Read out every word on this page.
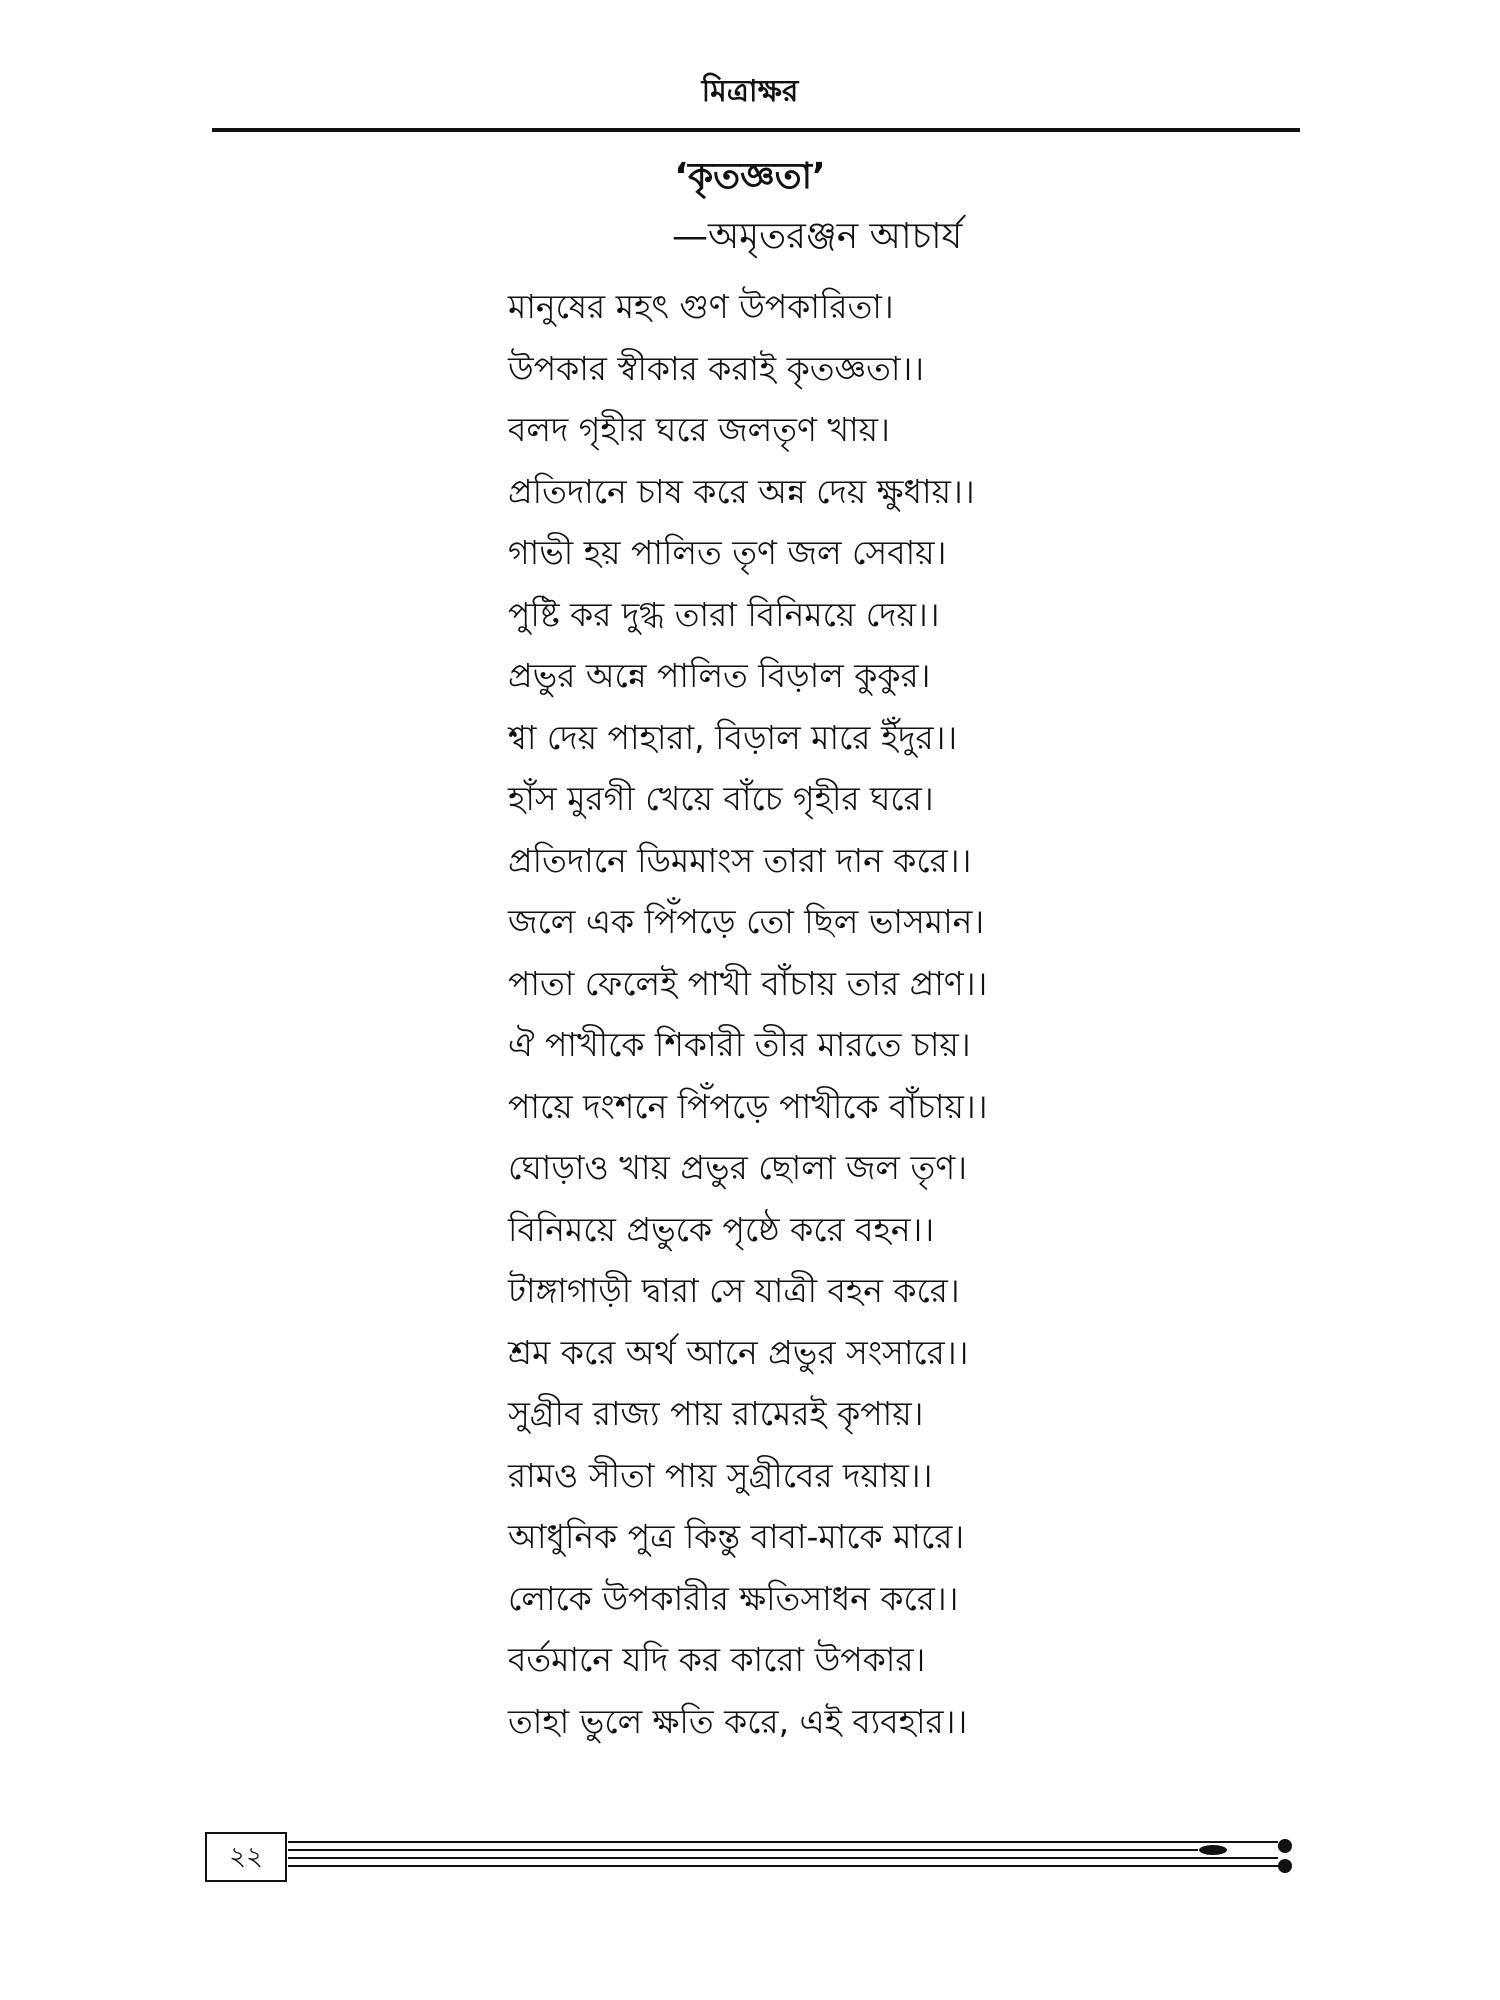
মিত্রাক্ষর
‘কৃতজ্ঞতা’
—অমৃতরঞ্জন আচার্য
মানুষের মহৎ গুণ উপকারিতা।
উপকার স্বীকার করাই কৃতজ্ঞতা।।
বলদ গৃহীর ঘরে জলতৃণ খায়।
প্রতিদানে চাষ করে অন্ন দেয় ক্ষুধায়।।
গাভী হয় পালিত তৃণ জল সেবায়।
পুষ্টি কর দুগ্ধ তারা বিনিময়ে দেয়।।
প্রভুর অন্নে পালিত বিড়াল কুকুর।
শ্বা দেয় পাহারা, বিড়াল মারে ইঁদুর।।
হাঁস মুরগী খেয়ে বাঁচে গৃহীর ঘরে।
প্রতিদানে ডিমমাংস তারা দান করে।।
জলে এক পিঁপড়ে তো ছিল ভাসমান।
পাতা ফেলেই পাখী বাঁচায় তার প্রাণ।।
ঐ পাখীকে শিকারী তীর মারতে চায়।
পায়ে দংশনে পিঁপড়ে পাখীকে বাঁচায়।।
ঘোড়াও খায় প্রভুর ছোলা জল তৃণ।
বিনিময়ে প্রভুকে পৃষ্ঠে করে বহন।।
টাঙ্গাগাড়ী দ্বারা সে যাত্রী বহন করে।
শ্রম করে অর্থ আনে প্রভুর সংসারে।।
সুগ্রীব রাজ্য পায় রামেরই কৃপায়।
রামও সীতা পায় সুগ্রীবের দয়ায়।।
আধুনিক পুত্র কিন্তু বাবা-মাকে মারে।
লোকে উপকারীর ক্ষতিসাধন করে।।
বর্তমানে যদি কর কারো উপকার।
তাহা ভুলে ক্ষতি করে, এই ব্যবহার।।
২২
